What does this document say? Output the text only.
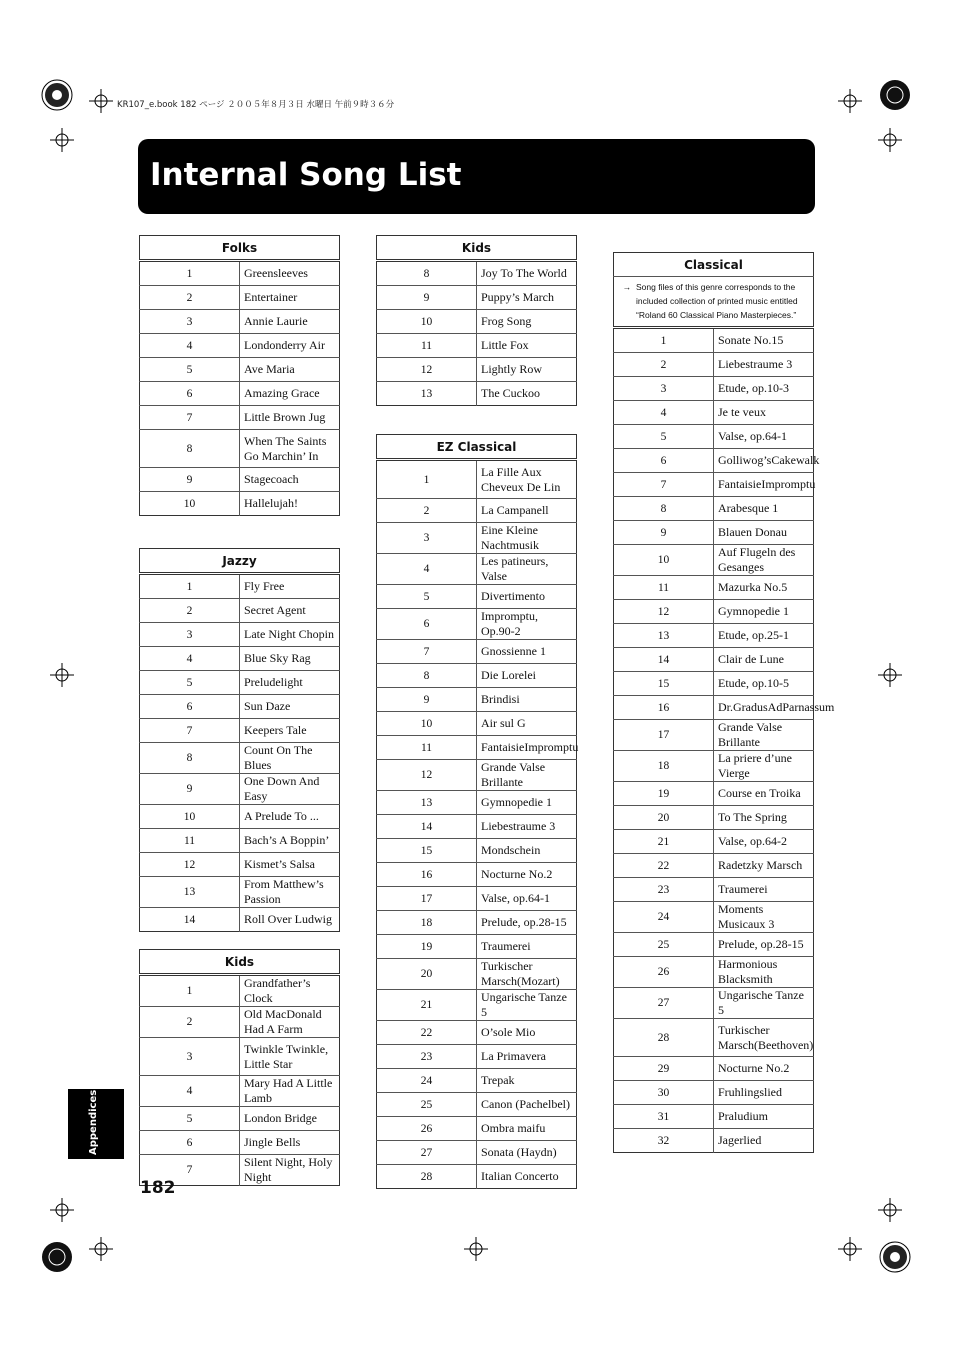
KR107_e.book 182 ページ ２００５年８月３日 水曜日 午前９時３６分
Internal Song List
Folks	
1	Greensleeves
2	Entertainer
3	Annie Laurie
4	Londonderry Air
5	Ave Maria
6	Amazing Grace
7	Little Brown Jug
8	When The Saints Go Marchin’ In
9	Stagecoach
10	Hallelujah!
Jazzy	
1	Fly Free
2	Secret Agent
3	Late Night Chopin
4	Blue Sky Rag
5	Preludelight
6	Sun Daze
7	Keepers Tale
8	Count On The Blues
9	One Down And Easy
10	A Prelude To ...
11	Bach’s A Boppin’
12	Kismet’s Salsa
13	From Matthew’s Passion
14	Roll Over Ludwig
Kids	
1	Grandfather’s Clock
2	Old MacDonald Had A Farm
3	Twinkle Twinkle, Little Star
4	Mary Had A Little Lamb
5	London Bridge
6	Jingle Bells
7	Silent Night, Holy Night
Kids	
8	Joy To The World
9	Puppy’s March
10	Frog Song
11	Little Fox
12	Lightly Row
13	The Cuckoo
EZ Classical	
1	La Fille Aux Cheveux De Lin
2	La Campanell
3	Eine Kleine Nachtmusik
4	Les patineurs, Valse
5	Divertimento
6	Impromptu, Op.90-2
7	Gnossienne 1
8	Die Lorelei
9	Brindisi
10	Air sul G
11	FantaisieImpromptu
12	Grande Valse Brillante
13	Gymnopedie 1
14	Liebestraume 3
15	Mondschein
16	Nocturne No.2
17	Valse, op.64-1
18	Prelude, op.28-15
19	Traumerei
20	Turkischer Marsch(Mozart)
21	Ungarische Tanze 5
22	O’sole Mio
23	La Primavera
24	Trepak
25	Canon (Pachelbel)
26	Ombra maifu
27	Sonata (Haydn)
28	Italian Concerto
Classical	
→ Song files of this genre corresponds to the included collection of printed music entitled “Roland 60 Classical Piano Masterpieces.”	
1	Sonate No.15
2	Liebestraume 3
3	Etude, op.10-3
4	Je te veux
5	Valse, op.64-1
6	Golliwog’sCakewalk
7	FantaisieImpromptu
8	Arabesque 1
9	Blauen Donau
10	Auf Flugeln des Gesanges
11	Mazurka No.5
12	Gymnopedie 1
13	Etude, op.25-1
14	Clair de Lune
15	Etude, op.10-5
16	Dr.GradusAdParnassum
17	Grande Valse Brillante
18	La priere d’une Vierge
19	Course en Troika
20	To The Spring
21	Valse, op.64-2
22	Radetzky Marsch
23	Traumerei
24	Moments Musicaux 3
25	Prelude, op.28-15
26	Harmonious Blacksmith
27	Ungarische Tanze 5
28	Turkischer Marsch(Beethoven)
29	Nocturne No.2
30	Fruhlingslied
31	Praludium
32	Jagerlied
Appendices
182
